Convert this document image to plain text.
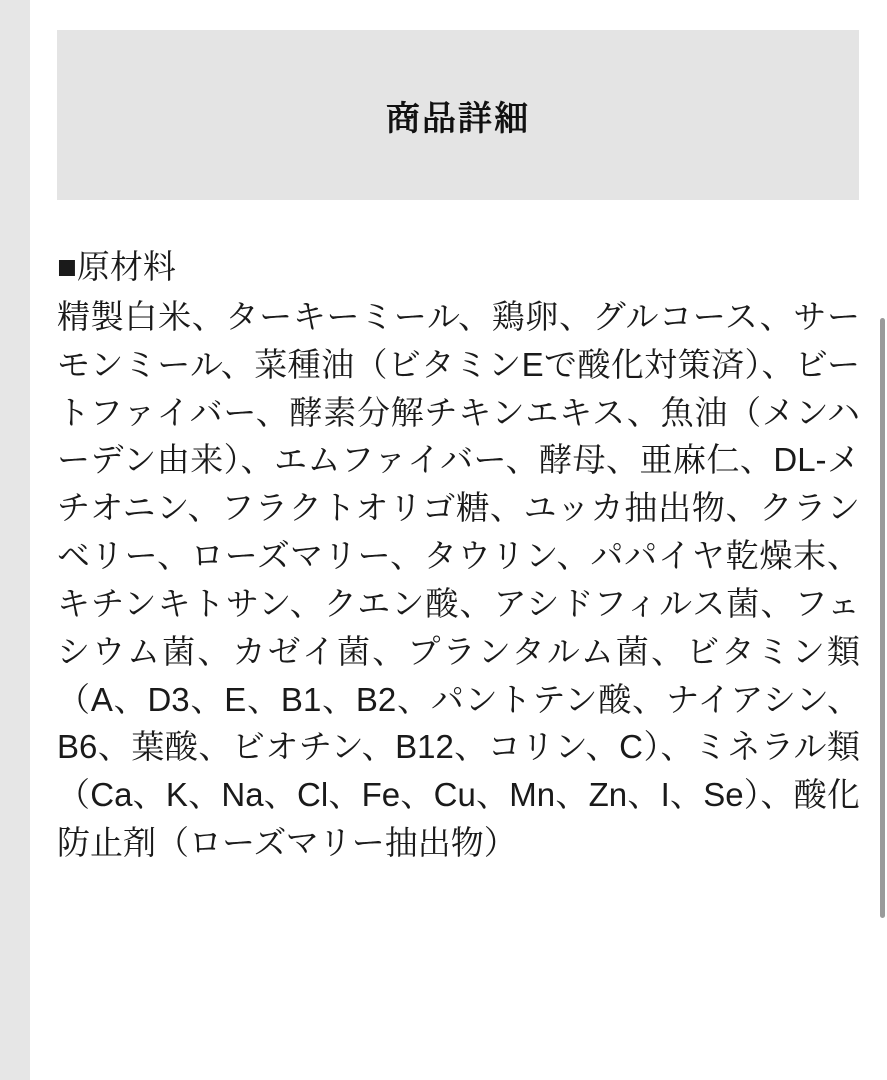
商品詳細

■原材料

精製白米、ターキーミール、鶏卵、グルコース、サーモンミール、菜種油（ビタミンEで酸化対策済）、ビートファイバー、酵素分解チキンエキス、魚油（メンハーデン由来）、エムファイバー、酵母、亜麻仁、DL-メチオニン、フラクトオリゴ糖、ユッカ抽出物、クランベリー、ローズマリー、タウリン、パパイヤ乾燥末、キチンキトサン、クエン酸、アシドフィルス菌、フェシウム菌、カゼイ菌、プランタルム菌、ビタミン類（A、D3、E、B1、B2、パントテン酸、ナイアシン、B6、葉酸、ビオチン、B12、コリン、C）、ミネラル類（Ca、K、Na、Cl、Fe、Cu、Mn、Zn、I、Se）、酸化防止剤（ローズマリー抽出物）
